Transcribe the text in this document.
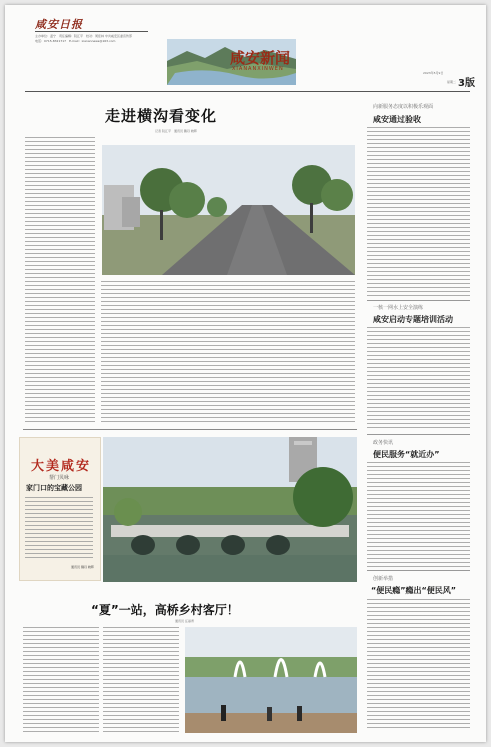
咸安日报
主办单位：温宁　责任编辑：阮江平　校对：周佳林 中共咸安区委宣传部
电话：0715-8321717　E-mail：xianannews@163.com
咸安新闻
XIANANXINWEN
2023年5月9日
星期二 3版
走进横沟看变化
记者 阮江平　通讯员 魏丹 晓辉
向新服务态度以积极乐观面
咸安通过验收
一核一网水上安全演练
咸安启动专题培训活动
政务快讯
便民服务“就近办”
创新举措
“便民瘾”瘾出“便民风”
大美咸安
帮门贝咏
家门口的宝藏公园
通讯员 魏丹 晓辉
“夏”一站，高桥乡村客厅！
通讯员 汪丽青
